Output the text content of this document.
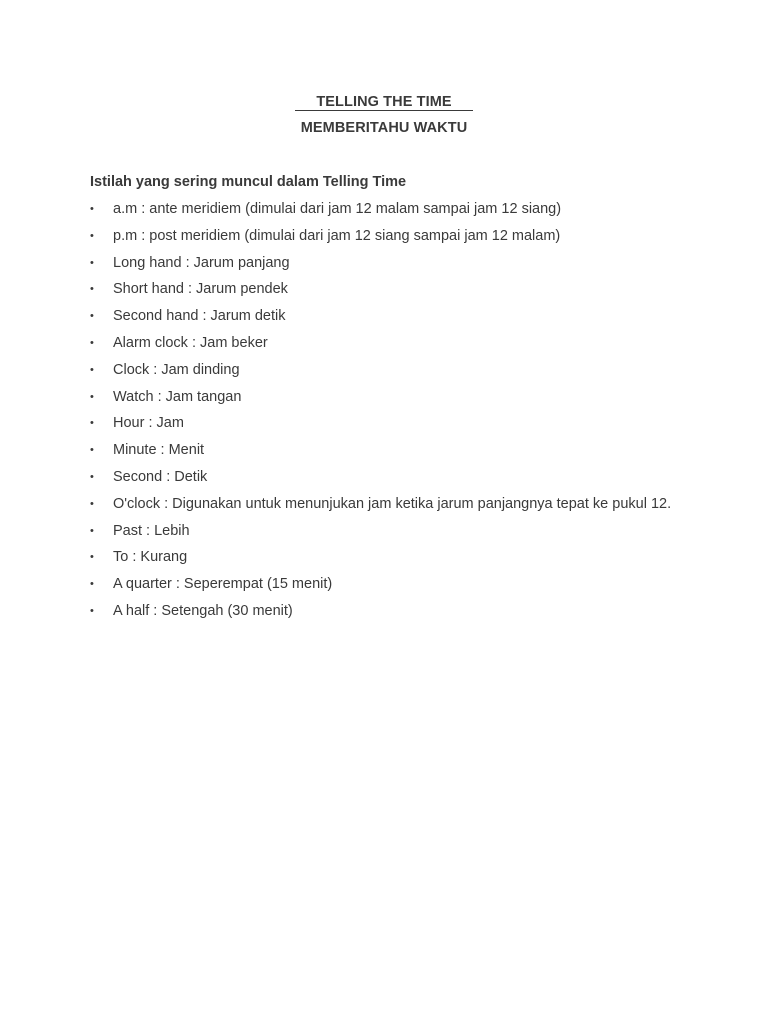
TELLING THE TIME
MEMBERITAHU WAKTU
Istilah yang sering muncul dalam Telling Time
• a.m : ante meridiem (dimulai dari jam 12 malam sampai jam 12 siang)
• p.m : post meridiem (dimulai dari jam 12 siang sampai jam 12 malam)
• Long hand : Jarum panjang
• Short hand : Jarum pendek
• Second hand : Jarum detik
• Alarm clock : Jam beker
• Clock : Jam dinding
• Watch : Jam tangan
• Hour : Jam
• Minute : Menit
• Second : Detik
• O'clock : Digunakan untuk menunjukan jam ketika jarum panjangnya tepat ke pukul 12.
• Past : Lebih
• To : Kurang
• A quarter : Seperempat (15 menit)
• A half : Setengah (30 menit)
